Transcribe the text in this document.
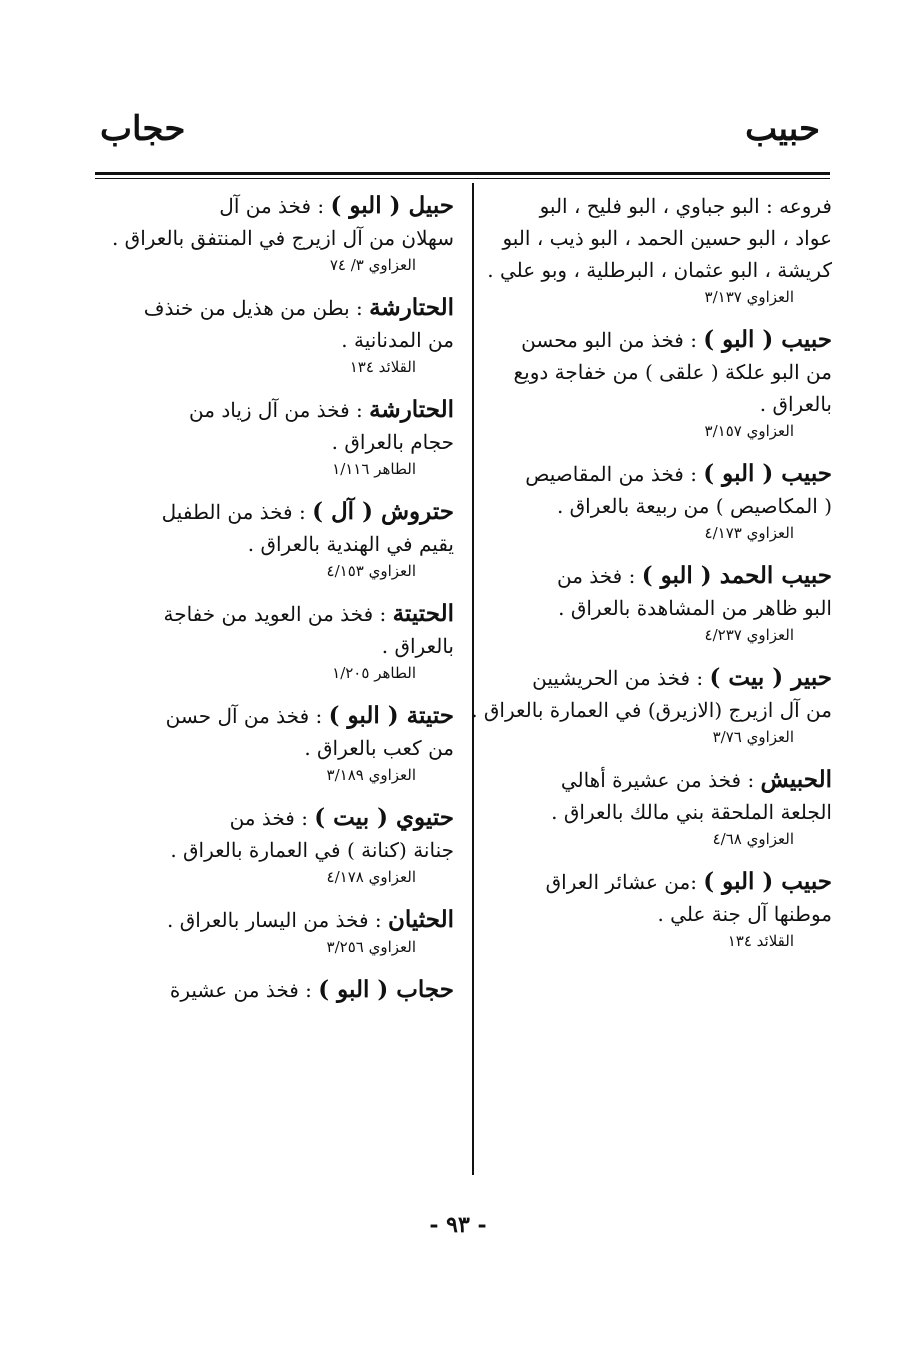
حبيب
حجاب
فروعه : البو جباوي ، البو فليح ، البو
عواد ، البو حسين الحمد ، البو ذيب ، البو
كريشة ، البو عثمان ، البرطلية ، وبو علي .
العزاوي ٣/١٣٧
حبيب ( البو ) : فخذ من البو محسن
من البو علكة ( علقى ) من خفاجة دويع
بالعراق .
العزاوي ٣/١٥٧
حبيب ( البو ) : فخذ من المقاصيص
( المكاصيص ) من ربيعة بالعراق .
العزاوي ٤/١٧٣
حبيب الحمد ( البو ) : فخذ من
البو ظاهر من المشاهدة بالعراق .
العزاوي ٤/٢٣٧
حبير ( بيت ) : فخذ من الحريشيين
من آل ازيرج (الازيرق) في العمارة بالعراق .
العزاوي ٣/٧٦
الحبيش : فخذ من عشيرة أهالي
الجلعة الملحقة بني مالك بالعراق .
العزاوي ٤/٦٨
حبيب ( البو ) :من عشائر العراق
موطنها آل جنة علي .
القلائد ١٣٤
حبيل ( البو ) : فخذ من آل
سهلان من آل ازيرج في المنتفق بالعراق .
العزاوي ٣/ ٧٤
الحتارشة : بطن من هذيل من خنذف
من المدنانية .
القلائد ١٣٤
الحتارشة : فخذ من آل زياد من
حجام بالعراق .
الطاهر ١/١١٦
حتروش ( آل ) : فخذ من الطفيل
يقيم في الهندية بالعراق .
العزاوي ٤/١٥٣
الحتيتة : فخذ من العويد من خفاجة
بالعراق .
الطاهر ١/٢٠٥
حتيتة ( البو ) : فخذ من آل حسن
من كعب بالعراق .
العزاوي ٣/١٨٩
حتيوي ( بيت ) : فخذ من
جنانة (كنانة ) في العمارة بالعراق .
العزاوي ٤/١٧٨
الحثيان : فخذ من اليسار بالعراق .
العزاوي ٣/٢٥٦
حجاب ( البو ) : فخذ من عشيرة
- ٩٣ -
